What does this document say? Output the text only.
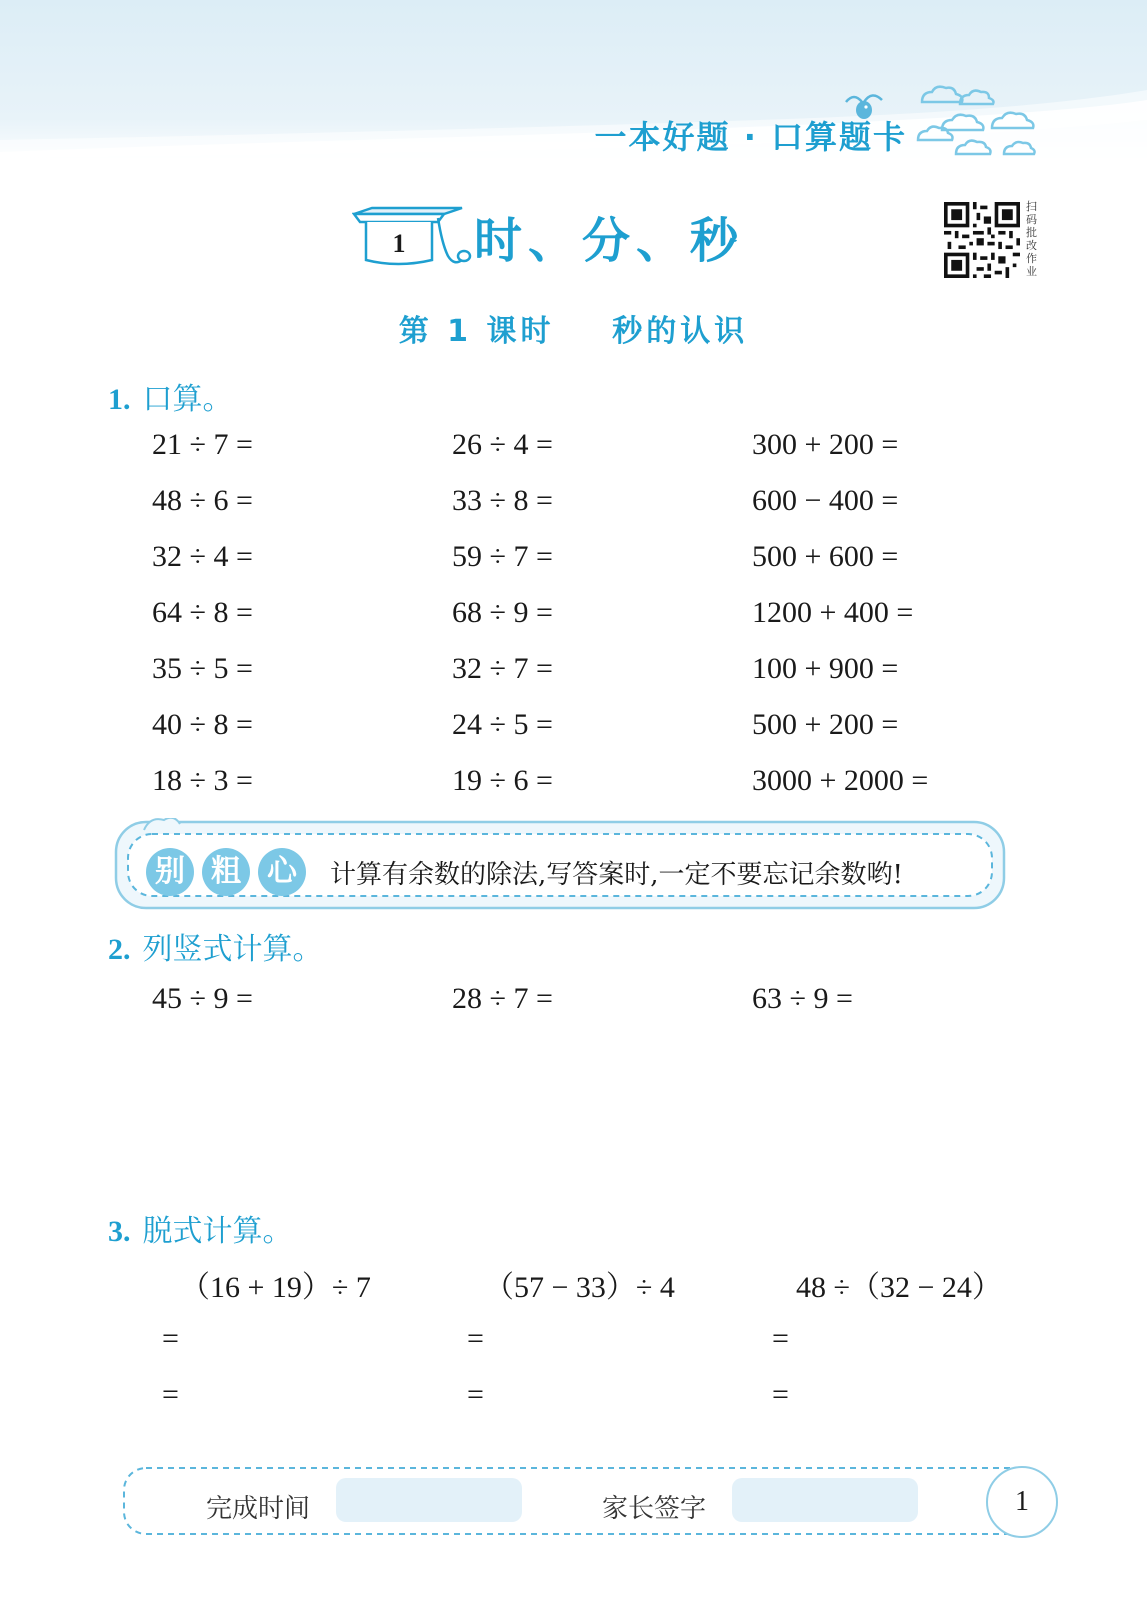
一本好题 · 口算题卡
1 时、分、秒
扫码批改作业
第 1 课时    秒的认识
1. 口算。
21 ÷ 7 =	26 ÷ 4 =	300 + 200 =
48 ÷ 6 =	33 ÷ 8 =	600 − 400 =
32 ÷ 4 =	59 ÷ 7 =	500 + 600 =
64 ÷ 8 =	68 ÷ 9 =	1200 + 400 =
35 ÷ 5 =	32 ÷ 7 =	100 + 900 =
40 ÷ 8 =	24 ÷ 5 =	500 + 200 =
18 ÷ 3 =	19 ÷ 6 =	3000 + 2000 =
别 粗 心	计算有余数的除法,写答案时,一定不要忘记余数哟!
2. 列竖式计算。
45 ÷ 9 =	28 ÷ 7 =	63 ÷ 9 =
3. 脱式计算。
（16 + 19）÷ 7	（57 − 33）÷ 4	48 ÷（32 − 24）
=	=	=
=	=	=
完成时间	家长签字	1
